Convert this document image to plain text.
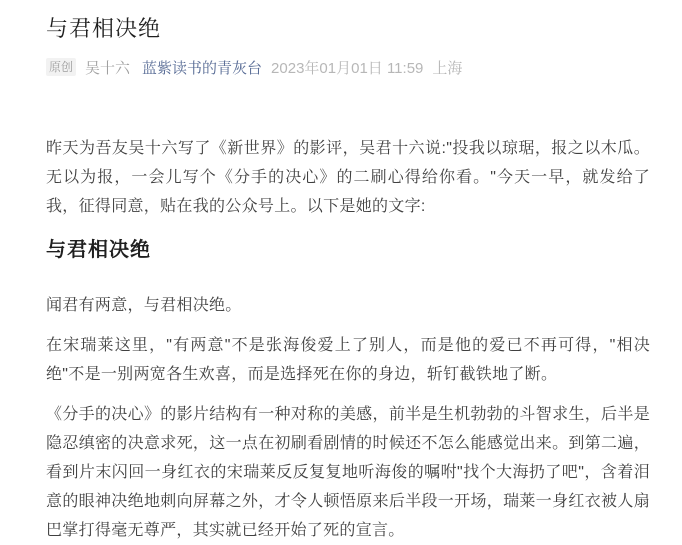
与君相决绝
原创 吴十六 蓝紫读书的青灰台 2023年01月01日 11:59 上海

昨天为吾友吴十六写了《新世界》的影评，吴君十六说:"投我以琼琚，报之以木瓜。无以为报，一会儿写个《分手的决心》的二刷心得给你看。"今天一早，就发给了我，征得同意，贴在我的公众号上。以下是她的文字:

与君相决绝

闻君有两意，与君相决绝。

在宋瑞莱这里，"有两意"不是张海俊爱上了别人，而是他的爱已不再可得，"相决绝"不是一别两宽各生欢喜，而是选择死在你的身边，斩钉截铁地了断。

《分手的决心》的影片结构有一种对称的美感，前半是生机勃勃的斗智求生，后半是隐忍缜密的决意求死，这一点在初刷看剧情的时候还不怎么能感觉出来。到第二遍，看到片末闪回一身红衣的宋瑞莱反反复复地听海俊的嘱咐"找个大海扔了吧"，含着泪意的眼神决绝地刺向屏幕之外，才令人顿悟原来后半段一开场，瑞莱一身红衣被人扇巴掌打得毫无尊严，其实就已经开始了死的宣言。
